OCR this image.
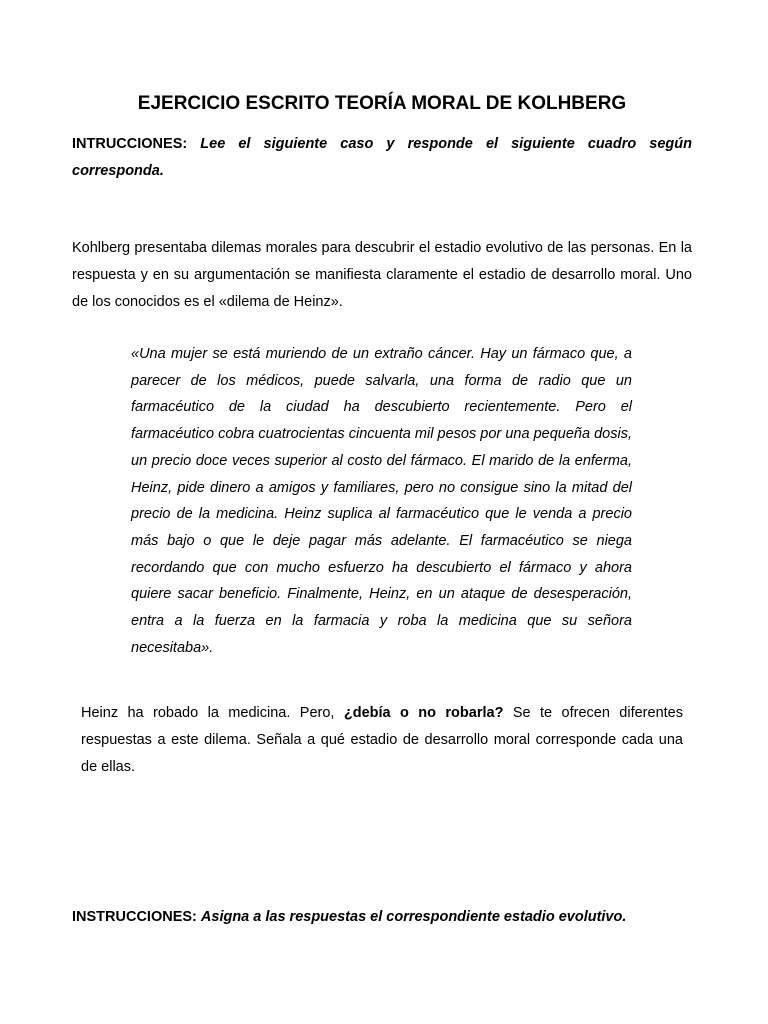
EJERCICIO ESCRITO TEORÍA MORAL DE KOLHBERG
INTRUCCIONES: Lee el siguiente caso y responde el siguiente cuadro según corresponda.
Kohlberg presentaba dilemas morales para descubrir el estadio evolutivo de las personas. En la respuesta y en su argumentación se manifiesta claramente el estadio de desarrollo moral. Uno de los conocidos es el «dilema de Heinz».
«Una mujer se está muriendo de un extraño cáncer. Hay un fármaco que, a parecer de los médicos, puede salvarla, una forma de radio que un farmacéutico de la ciudad ha descubierto recientemente. Pero el farmacéutico cobra cuatrocientas cincuenta mil pesos por una pequeña dosis, un precio doce veces superior al costo del fármaco. El marido de la enferma, Heinz, pide dinero a amigos y familiares, pero no consigue sino la mitad del precio de la medicina. Heinz suplica al farmacéutico que le venda a precio más bajo o que le deje pagar más adelante. El farmacéutico se niega recordando que con mucho esfuerzo ha descubierto el fármaco y ahora quiere sacar beneficio. Finalmente, Heinz, en un ataque de desesperación, entra a la fuerza en la farmacia y roba la medicina que su señora necesitaba».
Heinz ha robado la medicina. Pero, ¿debía o no robarla? Se te ofrecen diferentes respuestas a este dilema. Señala a qué estadio de desarrollo moral corresponde cada una de ellas.
INSTRUCCIONES: Asigna a las respuestas el correspondiente estadio evolutivo.
